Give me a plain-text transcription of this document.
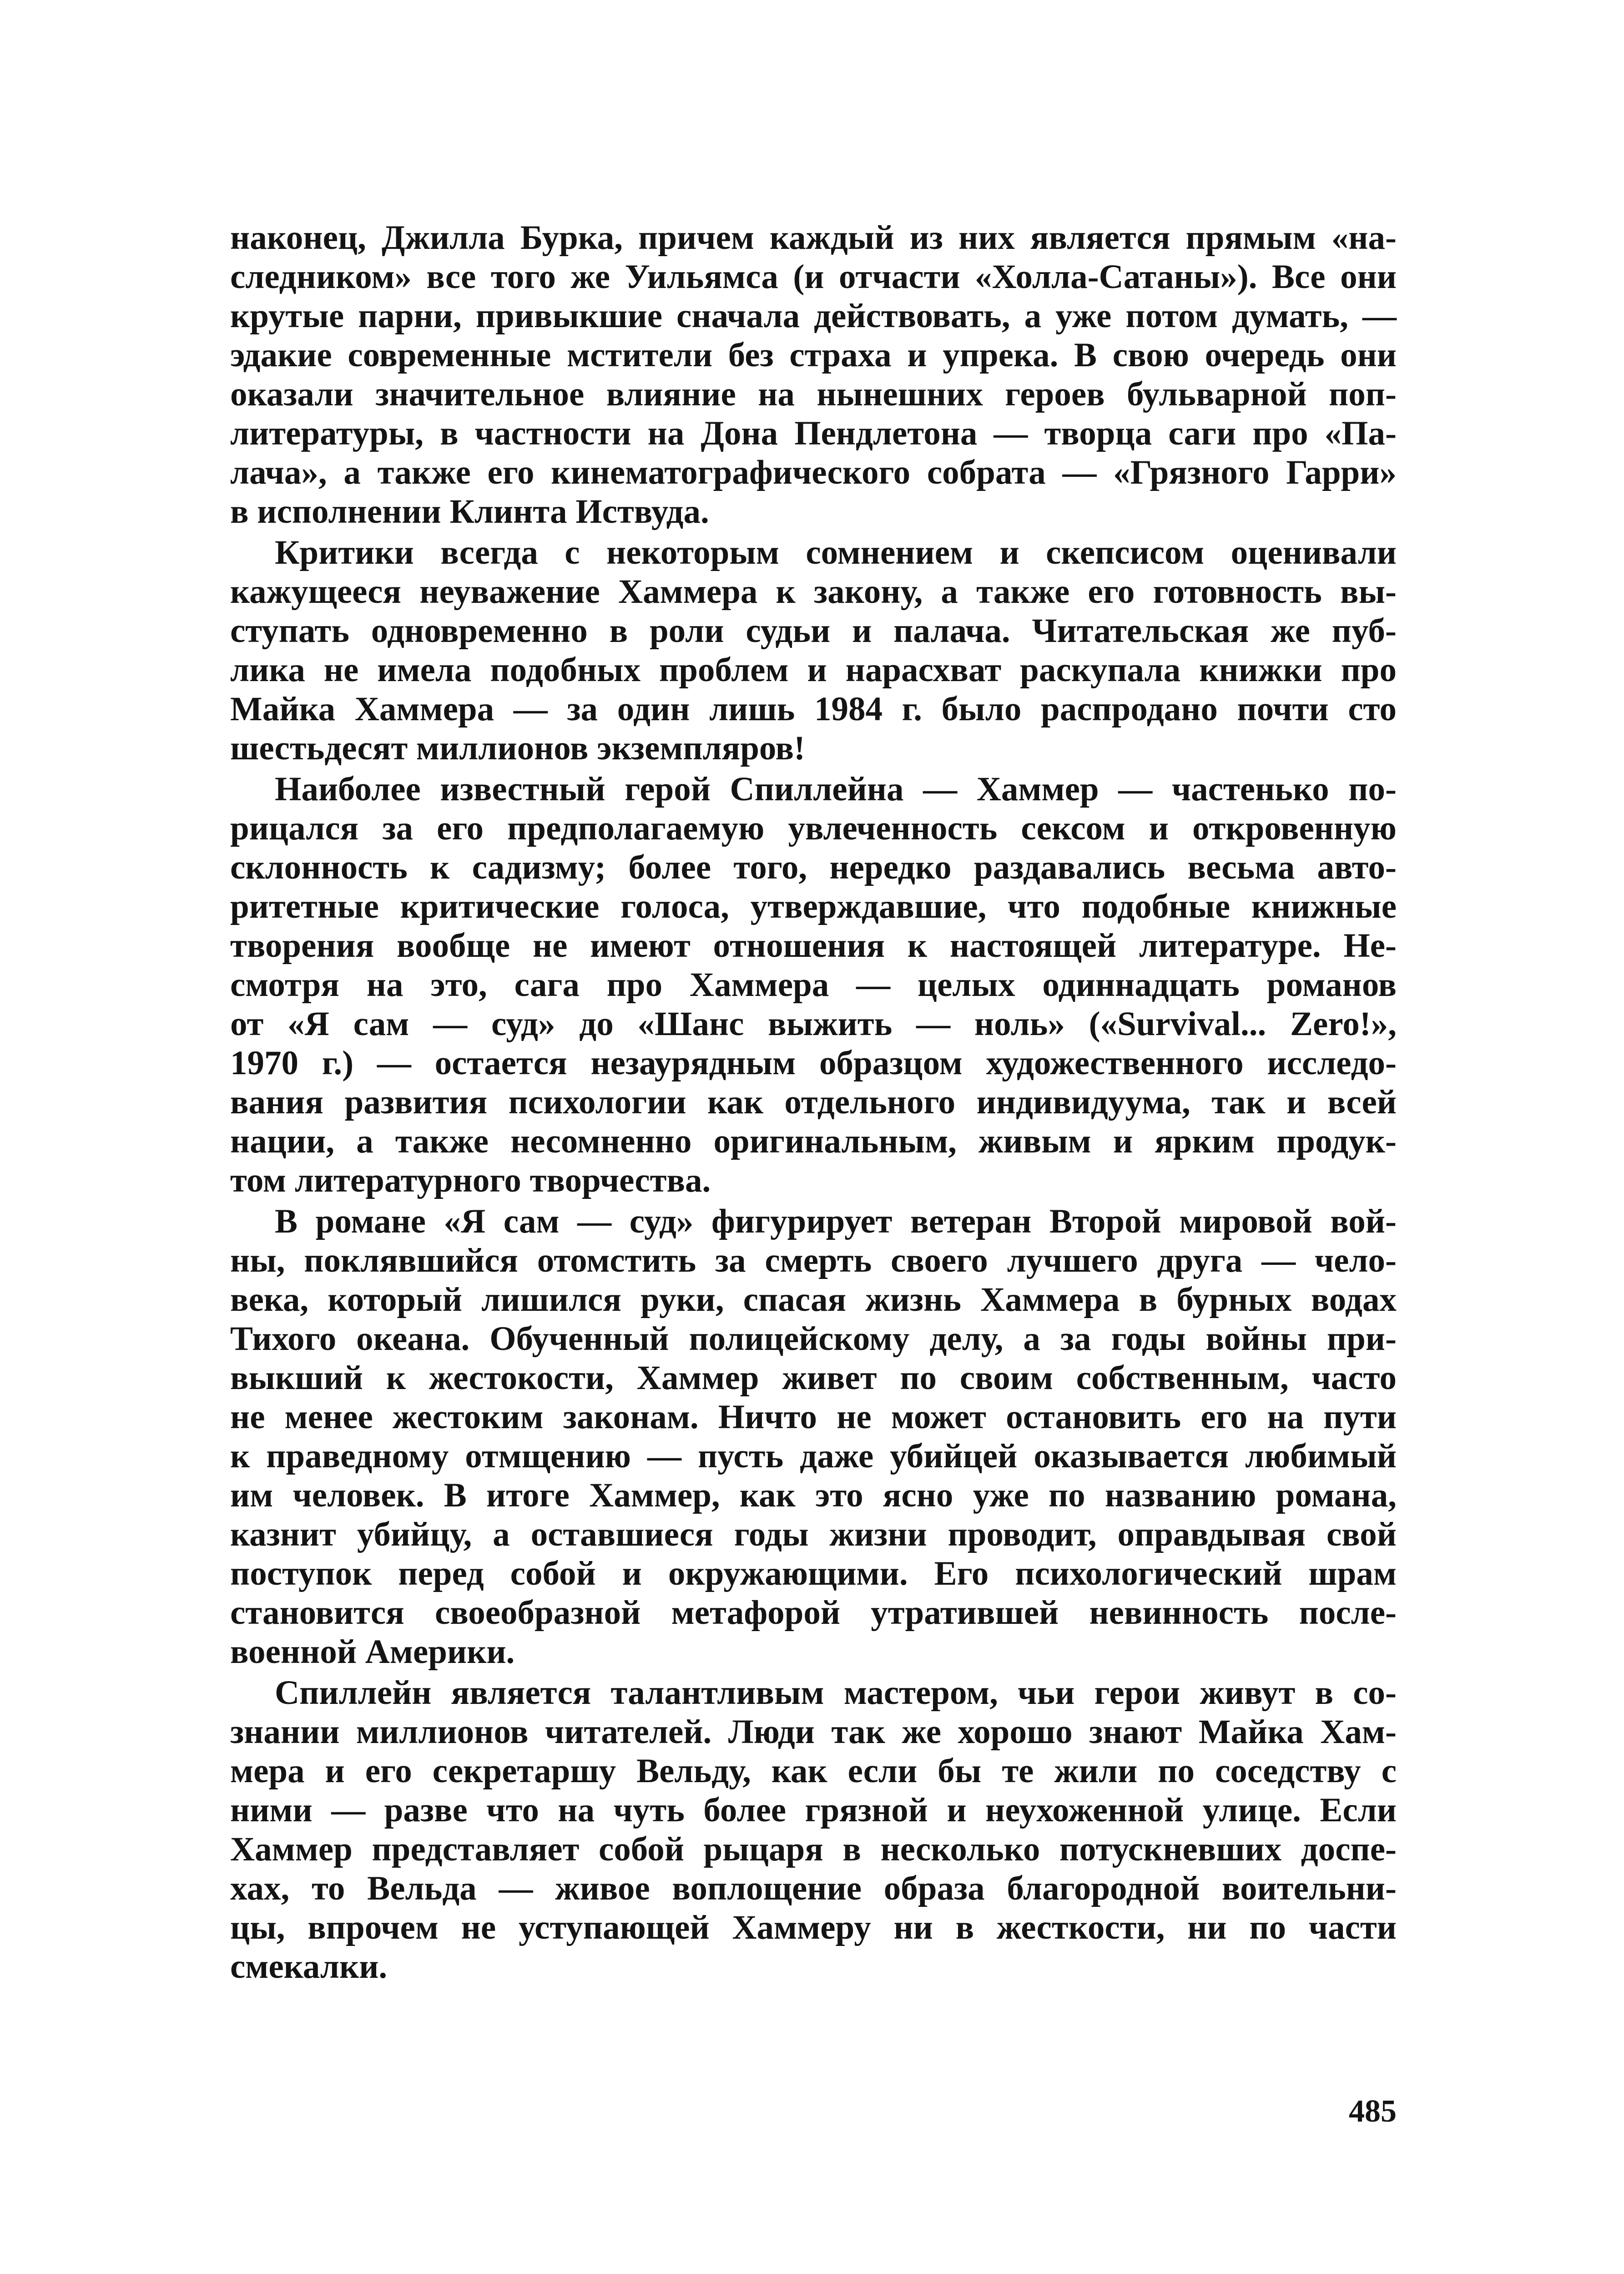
наконец, Джилла Бурка, причем каждый из них является прямым «на-
следником» все того же Уильямса (и отчасти «Холла-Сатаны»). Все они
крутые парни, привыкшие сначала действовать, а уже потом думать, —
эдакие современные мстители без страха и упрека. В свою очередь они
оказали значительное влияние на нынешних героев бульварной поп-
литературы, в частности на Дона Пендлетона — творца саги про «Па-
лача», а также его кинематографического собрата — «Грязного Гарри»
в исполнении Клинта Иствуда.
Критики всегда с некоторым сомнением и скепсисом оценивали
кажущееся неуважение Хаммера к закону, а также его готовность вы-
ступать одновременно в роли судьи и палача. Читательская же пуб-
лика не имела подобных проблем и нарасхват раскупала книжки про
Майка Хаммера — за один лишь 1984 г. было распродано почти сто
шестьдесят миллионов экземпляров!
Наиболее известный герой Спиллейна — Хаммер — частенько по-
рицался за его предполагаемую увлеченность сексом и откровенную
склонность к садизму; более того, нередко раздавались весьма авто-
ритетные критические голоса, утверждавшие, что подобные книжные
творения вообще не имеют отношения к настоящей литературе. Не-
смотря на это, сага про Хаммера — целых одиннадцать романов
от «Я сам — суд» до «Шанс выжить — ноль» («Survival... Zero!»,
1970 г.) — остается незаурядным образцом художественного исследо-
вания развития психологии как отдельного индивидуума, так и всей
нации, а также несомненно оригинальным, живым и ярким продук-
том литературного творчества.
В романе «Я сам — суд» фигурирует ветеран Второй мировой вой-
ны, поклявшийся отомстить за смерть своего лучшего друга — чело-
века, который лишился руки, спасая жизнь Хаммера в бурных водах
Тихого океана. Обученный полицейскому делу, а за годы войны при-
выкший к жестокости, Хаммер живет по своим собственным, часто
не менее жестоким законам. Ничто не может остановить его на пути
к праведному отмщению — пусть даже убийцей оказывается любимый
им человек. В итоге Хаммер, как это ясно уже по названию романа,
казнит убийцу, а оставшиеся годы жизни проводит, оправдывая свой
поступок перед собой и окружающими. Его психологический шрам
становится своеобразной метафорой утратившей невинность после-
военной Америки.
Спиллейн является талантливым мастером, чьи герои живут в со-
знании миллионов читателей. Люди так же хорошо знают Майка Хам-
мера и его секретаршу Вельду, как если бы те жили по соседству с
ними — разве что на чуть более грязной и неухоженной улице. Если
Хаммер представляет собой рыцаря в несколько потускневших доспе-
хах, то Вельда — живое воплощение образа благородной воительни-
цы, впрочем не уступающей Хаммеру ни в жесткости, ни по части
смекалки.
485
